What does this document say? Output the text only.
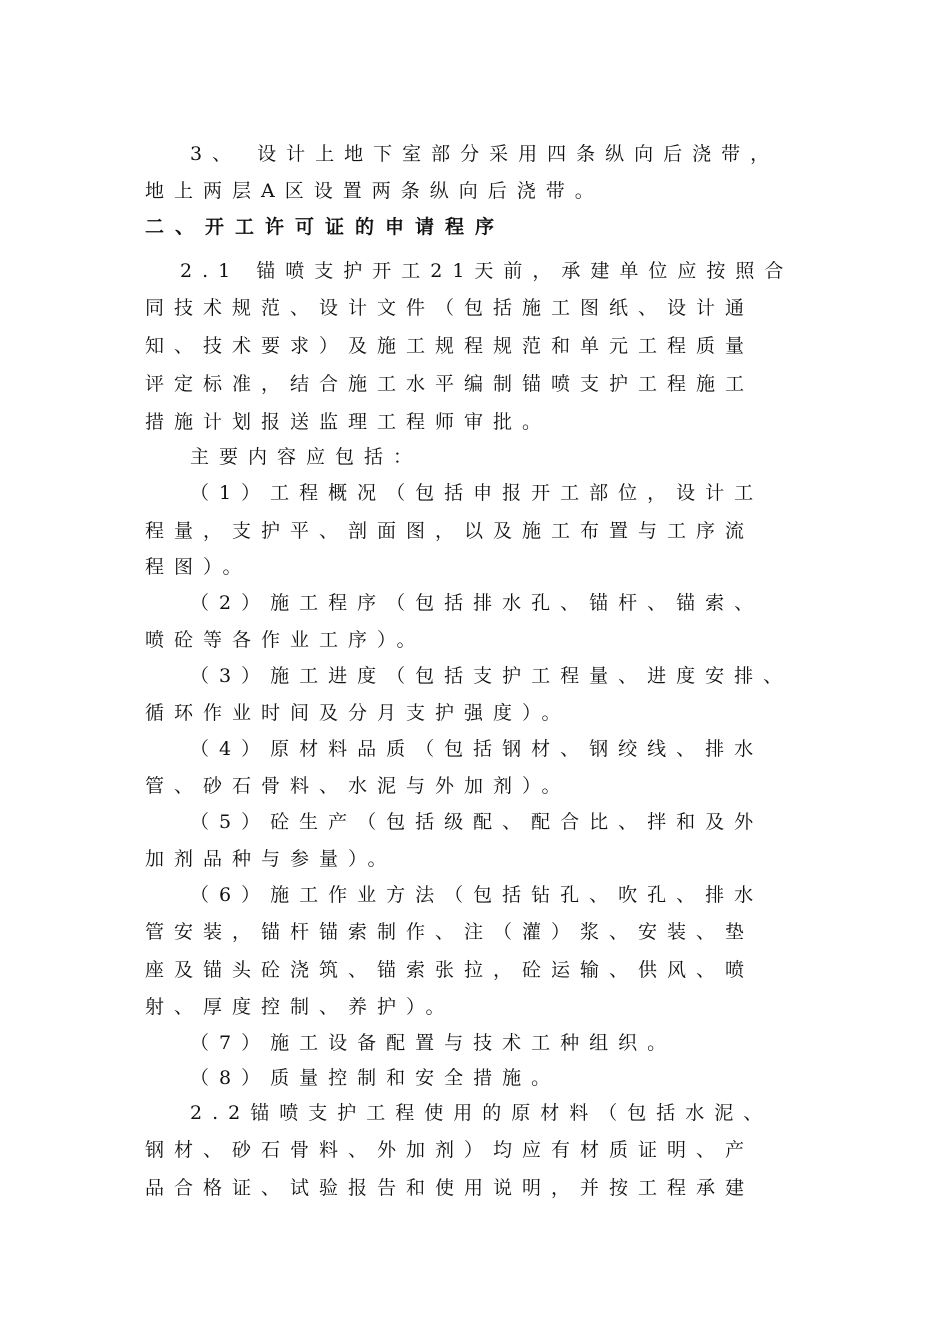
3、 设计上地下室部分采用四条纵向后浇带，
地上两层A区设置两条纵向后浇带。
二、开工许可证的申请程序
2.1 锚喷支护开工21天前，承建单位应按照合
同技术规范、设计文件（包括施工图纸、设计通
知、技术要求）及施工规程规范和单元工程质量
评定标准，结合施工水平编制锚喷支护工程施工
措施计划报送监理工程师审批。
主要内容应包括：
（1）工程概况（包括申报开工部位，设计工
程量，支护平、剖面图，以及施工布置与工序流
程图）。
（2）施工程序（包括排水孔、锚杆、锚索、
喷砼等各作业工序）。
（3）施工进度（包括支护工程量、进度安排、
循环作业时间及分月支护强度）。
（4）原材料品质（包括钢材、钢绞线、排水
管、砂石骨料、水泥与外加剂）。
（5）砼生产（包括级配、配合比、拌和及外
加剂品种与参量）。
（6）施工作业方法（包括钻孔、吹孔、排水
管安装，锚杆锚索制作、注（灌）浆、安装、垫
座及锚头砼浇筑、锚索张拉，砼运输、供风、喷
射、厚度控制、养护）。
（7）施工设备配置与技术工种组织。
（8）质量控制和安全措施。
2.2锚喷支护工程使用的原材料（包括水泥、
钢材、砂石骨料、外加剂）均应有材质证明、产
品合格证、试验报告和使用说明，并按工程承建
